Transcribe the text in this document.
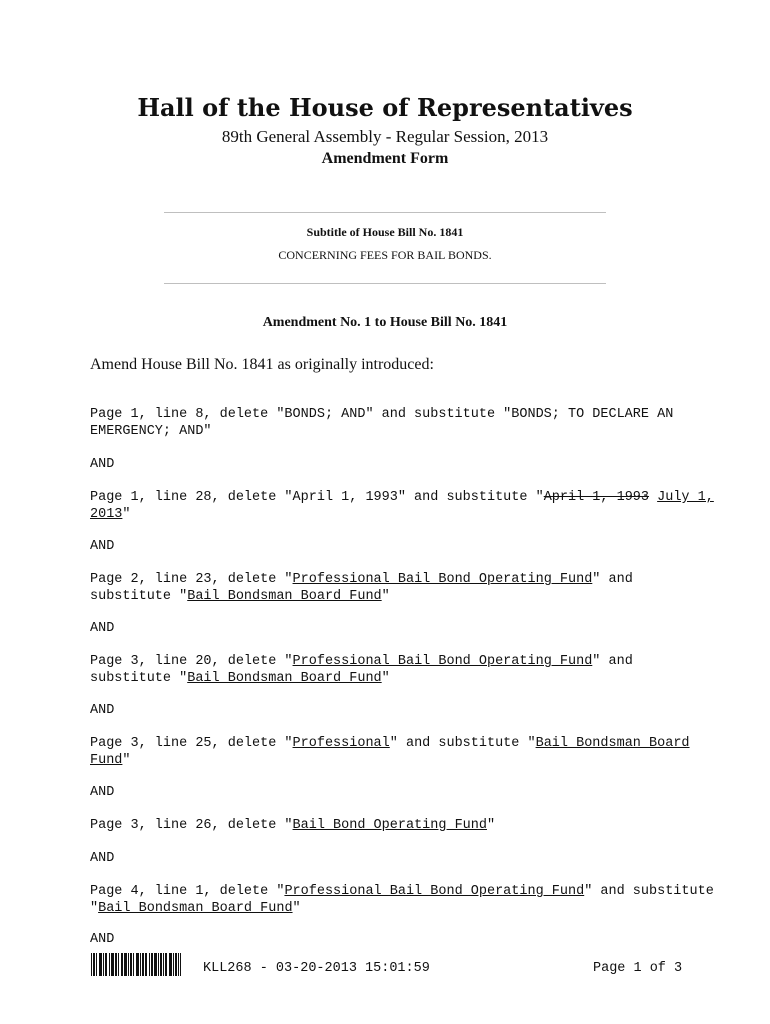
Hall of the House of Representatives
89th General Assembly - Regular Session, 2013
Amendment Form
Subtitle of House Bill No. 1841
CONCERNING FEES FOR BAIL BONDS.
Amendment No. 1 to House Bill No. 1841
Amend House Bill No. 1841 as originally introduced:
Page 1, line 8, delete "BONDS; AND" and substitute "BONDS; TO DECLARE AN
EMERGENCY; AND"
AND
Page 1, line 28, delete "April 1, 1993" and substitute "April 1, 1993 July 1,
2013"
AND
Page 2, line 23, delete "Professional Bail Bond Operating Fund" and
substitute "Bail Bondsman Board Fund"
AND
Page 3, line 20, delete "Professional Bail Bond Operating Fund" and
substitute "Bail Bondsman Board Fund"
AND
Page 3, line 25, delete "Professional" and substitute "Bail Bondsman Board
Fund"
AND
Page 3, line 26, delete "Bail Bond Operating Fund"
AND
Page 4, line 1, delete "Professional Bail Bond Operating Fund" and substitute
"Bail Bondsman Board Fund"
AND
KLL268 - 03-20-2013 15:01:59	Page 1 of 3
